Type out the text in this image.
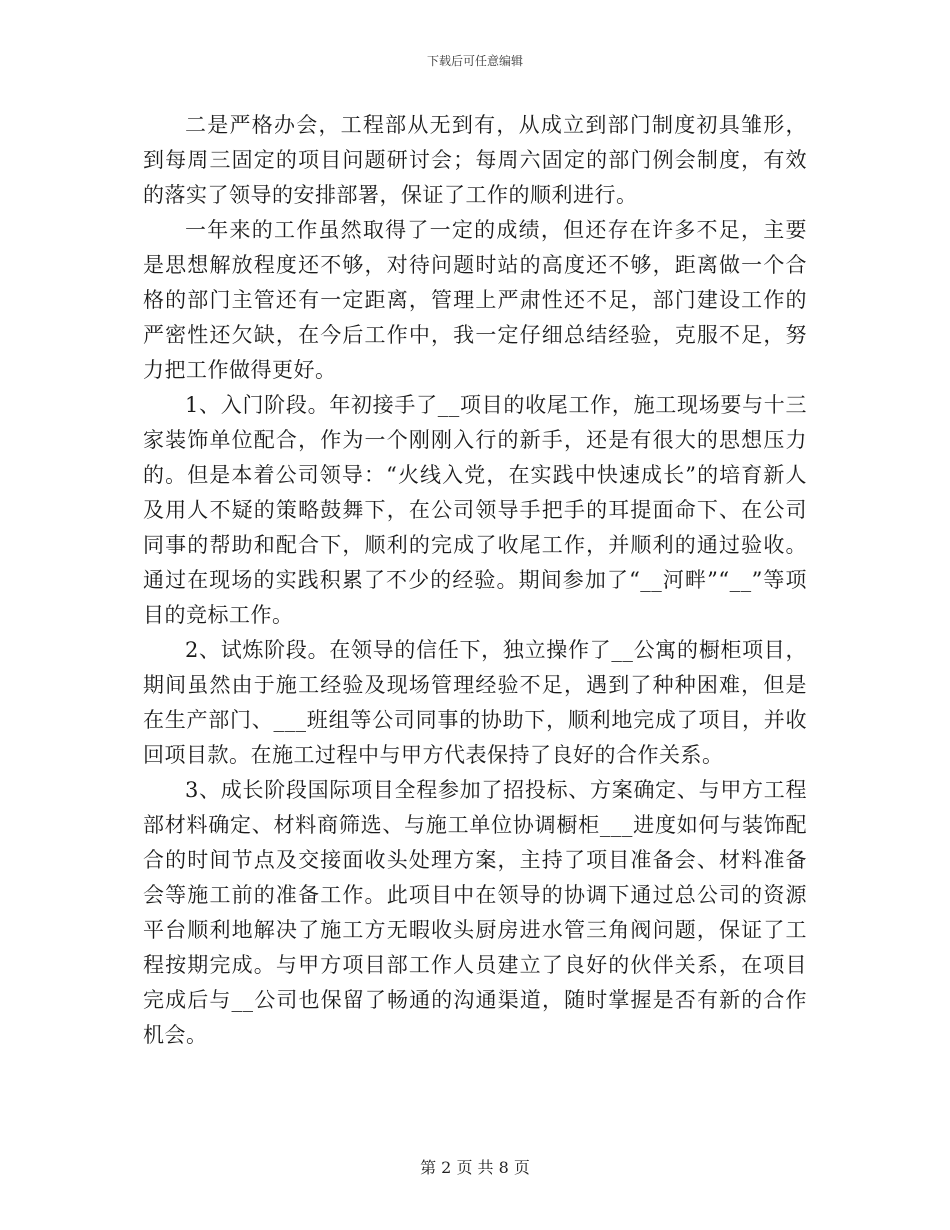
下载后可任意编辑

二是严格办会，工程部从无到有，从成立到部门制度初具雏形，到每周三固定的项目问题研讨会；每周六固定的部门例会制度，有效的落实了领导的安排部署，保证了工作的顺利进行。

一年来的工作虽然取得了一定的成绩，但还存在许多不足，主要是思想解放程度还不够，对待问题时站的高度还不够，距离做一个合格的部门主管还有一定距离，管理上严肃性还不足，部门建设工作的严密性还欠缺，在今后工作中，我一定仔细总结经验，克服不足，努力把工作做得更好。

1、入门阶段。年初接手了__项目的收尾工作，施工现场要与十三家装饰单位配合，作为一个刚刚入行的新手，还是有很大的思想压力的。但是本着公司领导：“火线入党，在实践中快速成长”的培育新人及用人不疑的策略鼓舞下，在公司领导手把手的耳提面命下、在公司同事的帮助和配合下，顺利的完成了收尾工作，并顺利的通过验收。通过在现场的实践积累了不少的经验。期间参加了“__河畔”“__”等项目的竞标工作。

2、试炼阶段。在领导的信任下，独立操作了__公寓的橱柜项目，期间虽然由于施工经验及现场管理经验不足，遇到了种种困难，但是在生产部门、___班组等公司同事的协助下，顺利地完成了项目，并收回项目款。在施工过程中与甲方代表保持了良好的合作关系。

3、成长阶段国际项目全程参加了招投标、方案确定、与甲方工程部材料确定、材料商筛选、与施工单位协调橱柜___进度如何与装饰配合的时间节点及交接面收头处理方案，主持了项目准备会、材料准备会等施工前的准备工作。此项目中在领导的协调下通过总公司的资源平台顺利地解决了施工方无暇收头厨房进水管三角阀问题，保证了工程按期完成。与甲方项目部工作人员建立了良好的伙伴关系，在项目完成后与__公司也保留了畅通的沟通渠道，随时掌握是否有新的合作机会。

第 2 页 共 8 页
